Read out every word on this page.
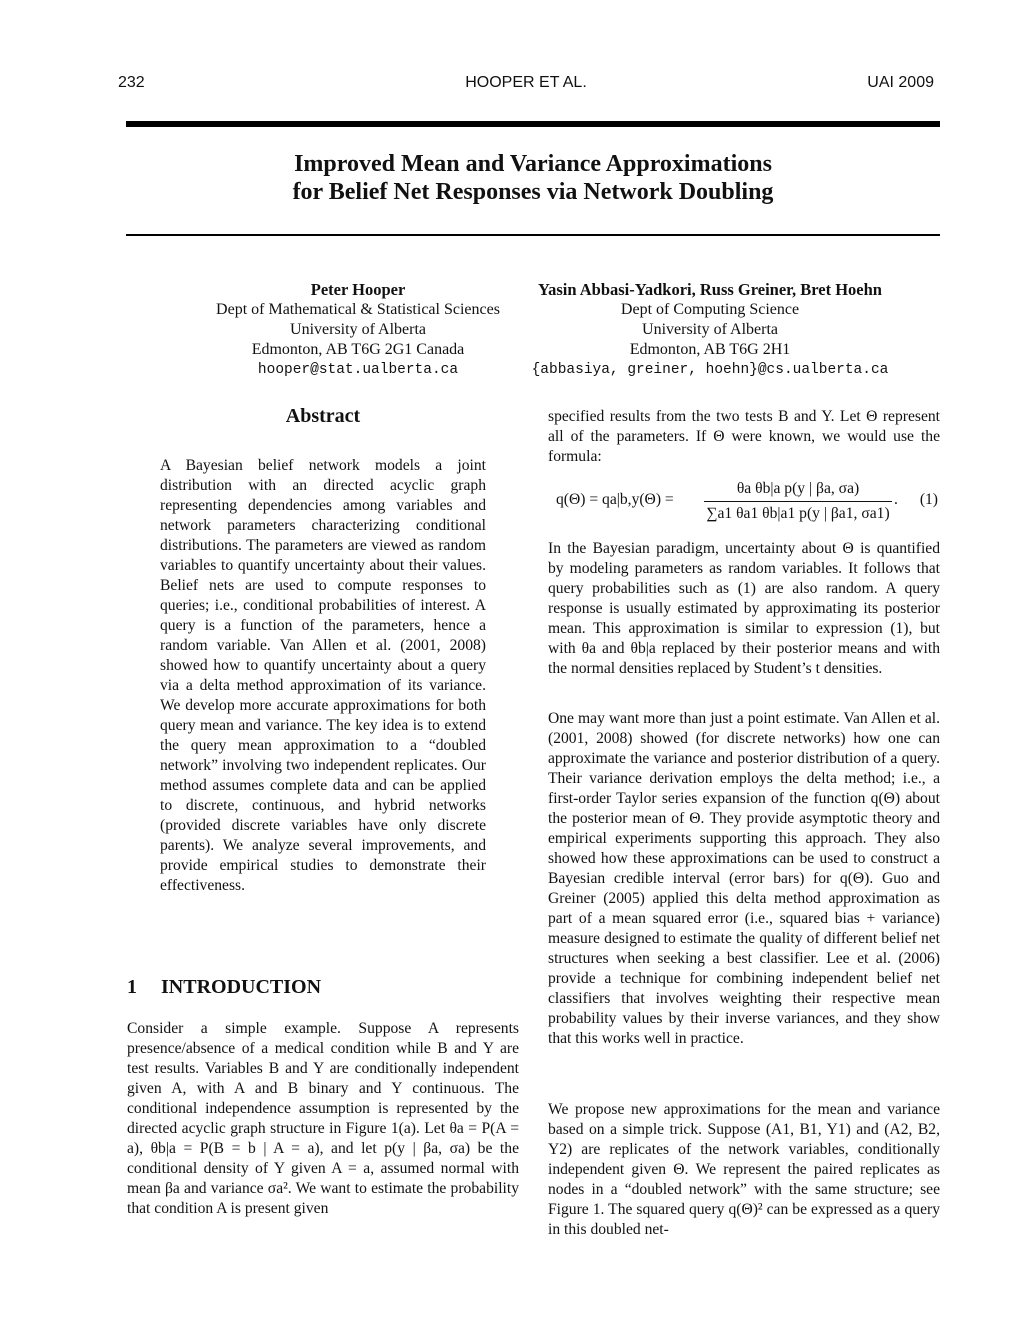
232	HOOPER ET AL.	UAI 2009
Improved Mean and Variance Approximations
for Belief Net Responses via Network Doubling
Peter Hooper
Dept of Mathematical & Statistical Sciences
University of Alberta
Edmonton, AB T6G 2G1 Canada
hooper@stat.ualberta.ca
Yasin Abbasi-Yadkori, Russ Greiner, Bret Hoehn
Dept of Computing Science
University of Alberta
Edmonton, AB T6G 2H1
{abbasiya, greiner, hoehn}@cs.ualberta.ca
Abstract

A Bayesian belief network models a joint distribution with an directed acyclic graph representing dependencies among variables and network parameters characterizing conditional distributions. The parameters are viewed as random variables to quantify uncertainty about their values. Belief nets are used to compute responses to queries; i.e., conditional probabilities of interest. A query is a function of the parameters, hence a random variable. Van Allen et al. (2001, 2008) showed how to quantify uncertainty about a query via a delta method approximation of its variance. We develop more accurate approximations for both query mean and variance. The key idea is to extend the query mean approximation to a “doubled network” involving two independent replicates. Our method assumes complete data and can be applied to discrete, continuous, and hybrid networks (provided discrete variables have only discrete parents). We analyze several improvements, and provide empirical studies to demonstrate their effectiveness.

1 INTRODUCTION

Consider a simple example. Suppose A represents presence/absence of a medical condition while B and Y are test results. Variables B and Y are conditionally independent given A, with A and B binary and Y continuous. The conditional independence assumption is represented by the directed acyclic graph structure in Figure 1(a). Let θa = P(A = a), θb|a = P(B = b | A = a), and let p(y | βa, σa) be the conditional density of Y given A = a, assumed normal with mean βa and variance σa². We want to estimate the probability that condition A is present given

specified results from the two tests B and Y. Let Θ represent all of the parameters. If Θ were known, we would use the formula:

q(Θ) = qa|b,y(Θ) =
θa θb|a p(y | βa, σa)
∑a1 θa1 θb|a1 p(y | βa1, σa1)
. (1)

In the Bayesian paradigm, uncertainty about Θ is quantified by modeling parameters as random variables. It follows that query probabilities such as (1) are also random. A query response is usually estimated by approximating its posterior mean. This approximation is similar to expression (1), but with θa and θb|a replaced by their posterior means and with the normal densities replaced by Student’s t densities.

One may want more than just a point estimate. Van Allen et al. (2001, 2008) showed (for discrete networks) how one can approximate the variance and posterior distribution of a query. Their variance derivation employs the delta method; i.e., a first-order Taylor series expansion of the function q(Θ) about the posterior mean of Θ. They provide asymptotic theory and empirical experiments supporting this approach. They also showed how these approximations can be used to construct a Bayesian credible interval (error bars) for q(Θ). Guo and Greiner (2005) applied this delta method approximation as part of a mean squared error (i.e., squared bias + variance) measure designed to estimate the quality of different belief net structures when seeking a best classifier. Lee et al. (2006) provide a technique for combining independent belief net classifiers that involves weighting their respective mean probability values by their inverse variances, and they show that this works well in practice.

We propose new approximations for the mean and variance based on a simple trick. Suppose (A1, B1, Y1) and (A2, B2, Y2) are replicates of the network variables, conditionally independent given Θ. We represent the paired replicates as nodes in a “doubled network” with the same structure; see Figure 1. The squared query q(Θ)² can be expressed as a query in this doubled net-
